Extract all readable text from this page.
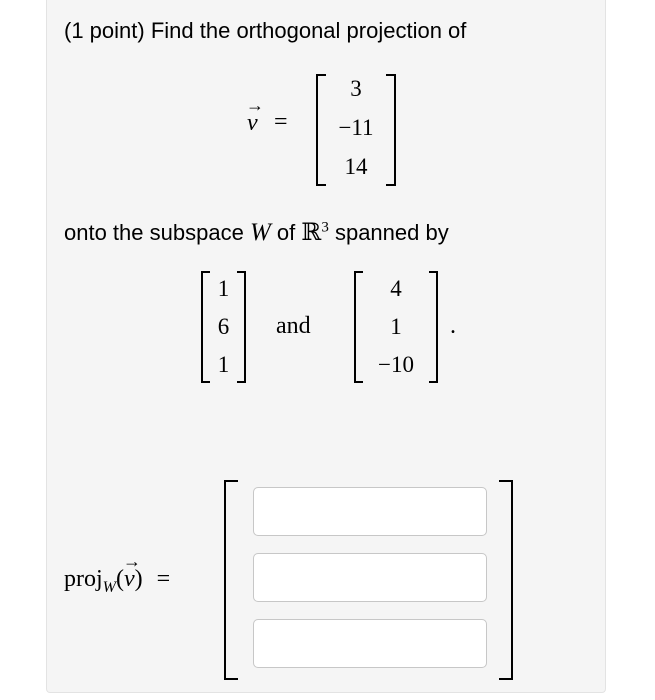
(1 point) Find the orthogonal projection of
v
→
=
3
−11
14
onto the subspace W of ℝ$^3$ spanned by
1
6
1
and
4
1
−10
.
proj$_W$(v
→
) =
